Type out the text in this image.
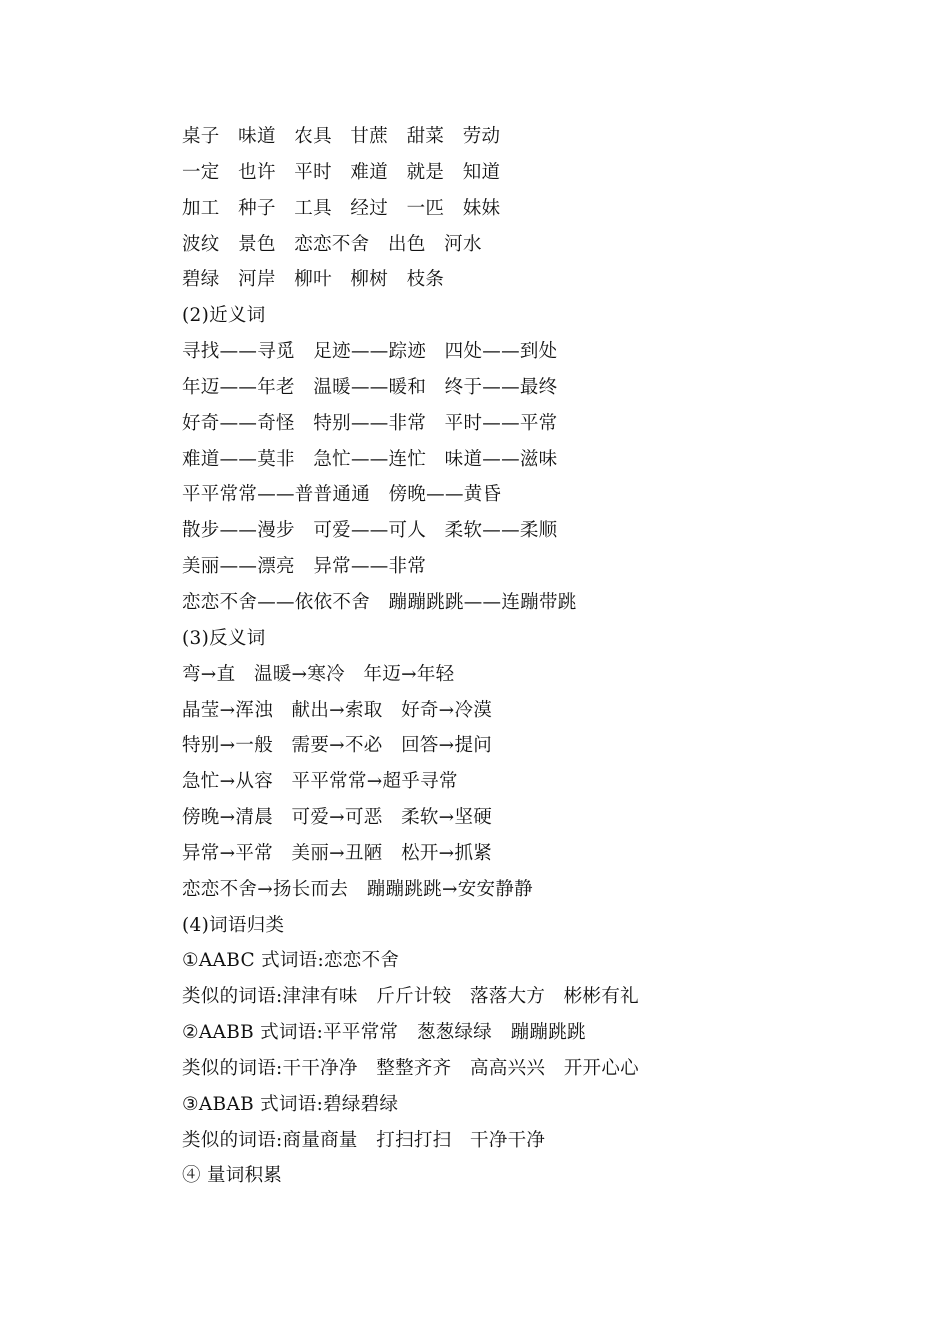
桌子   味道   农具   甘蔗   甜菜   劳动
一定   也许   平时   难道   就是   知道
加工   种子   工具   经过   一匹   妹妹
波纹   景色   恋恋不舍   出色   河水
碧绿   河岸   柳叶   柳树   枝条
(2)近义词
寻找——寻觅   足迹——踪迹   四处——到处
年迈——年老   温暖——暖和   终于——最终
好奇——奇怪   特别——非常   平时——平常
难道——莫非   急忙——连忙   味道——滋味
平平常常——普普通通   傍晚——黄昏
散步——漫步   可爱——可人   柔软——柔顺
美丽——漂亮   异常——非常
恋恋不舍——依依不舍   蹦蹦跳跳——连蹦带跳
(3)反义词
弯→直   温暖→寒冷   年迈→年轻
晶莹→浑浊   献出→索取   好奇→冷漠
特别→一般   需要→不必   回答→提问
急忙→从容   平平常常→超乎寻常
傍晚→清晨   可爱→可恶   柔软→坚硬
异常→平常   美丽→丑陋   松开→抓紧
恋恋不舍→扬长而去   蹦蹦跳跳→安安静静
(4)词语归类
①AABC 式词语:恋恋不舍
类似的词语:津津有味   斤斤计较   落落大方   彬彬有礼
②AABB 式词语:平平常常   葱葱绿绿   蹦蹦跳跳
类似的词语:干干净净   整整齐齐   高高兴兴   开开心心
③ABAB 式词语:碧绿碧绿
类似的词语:商量商量   打扫打扫   干净干净
④ 量词积累
